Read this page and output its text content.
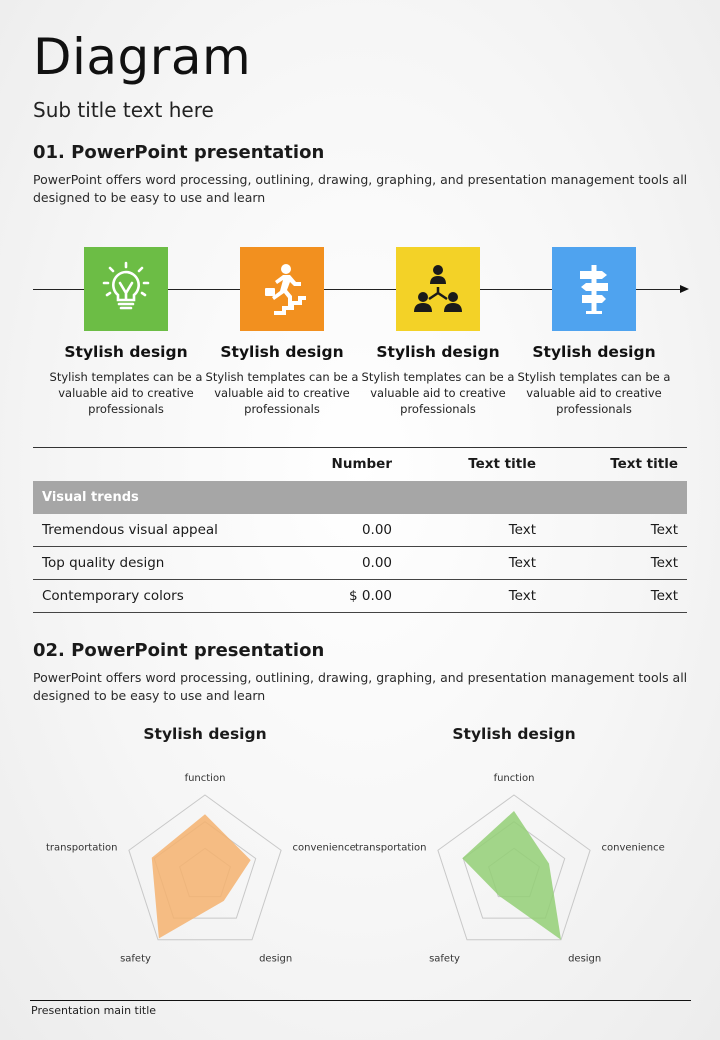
Diagram
Sub title text here
01. PowerPoint presentation
PowerPoint offers word processing, outlining, drawing, graphing, and presentation management tools all designed to be easy to use and learn
Stylish design
Stylish templates can be a valuable aid to creative professionals
Stylish design
Stylish templates can be a valuable aid to creative professionals
Stylish design
Stylish templates can be a valuable aid to creative professionals
Stylish design
Stylish templates can be a valuable aid to creative professionals
	Number	Text title	Text title
Visual trends			
Tremendous visual appeal	0.00	Text	Text
Top quality design	0.00	Text	Text
Contemporary colors	$ 0.00	Text	Text
02. PowerPoint presentation
PowerPoint offers word processing, outlining, drawing, graphing, and presentation management tools all designed to be easy to use and learn
Stylish design
function
convenience
design
safety
transportation
Stylish design
function
convenience
design
safety
transportation
Presentation main title
